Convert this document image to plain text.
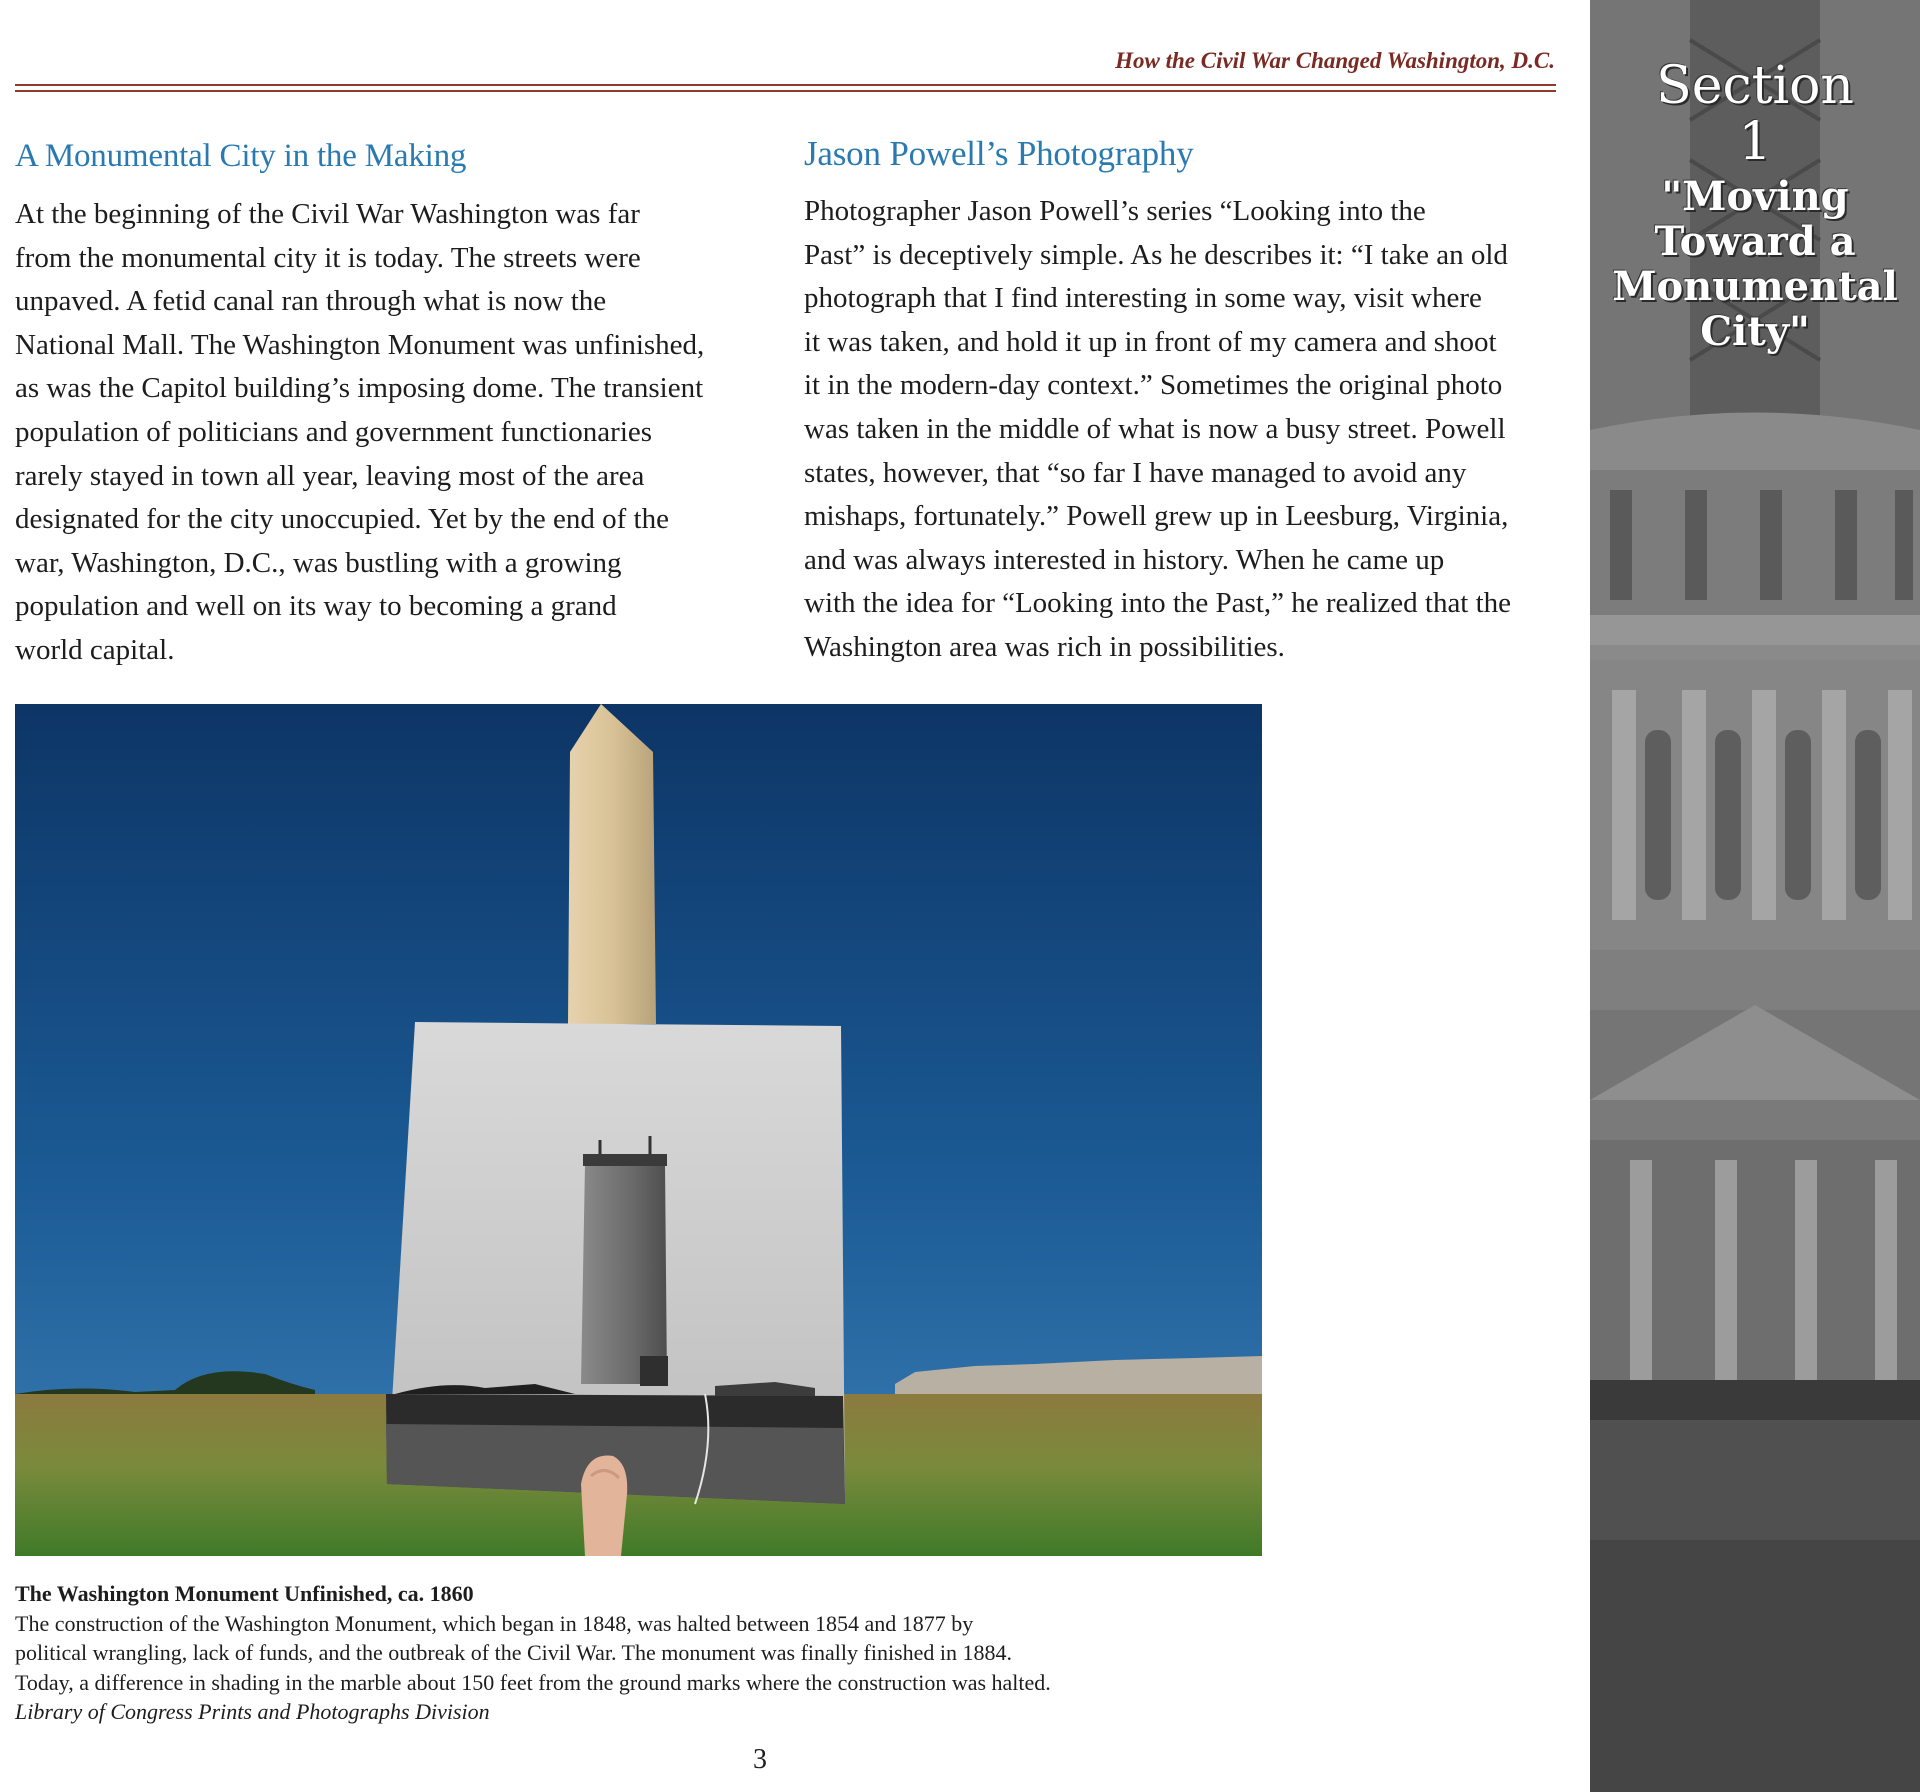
How the Civil War Changed Washington, D.C.
A Monumental City in the Making

At the beginning of the Civil War Washington was far
from the monumental city it is today. The streets were
unpaved. A fetid canal ran through what is now the
National Mall. The Washington Monument was unfinished,
as was the Capitol building’s imposing dome. The transient
population of politicians and government functionaries
rarely stayed in town all year, leaving most of the area
designated for the city unoccupied. Yet by the end of the
war, Washington, D.C., was bustling with a growing
population and well on its way to becoming a grand
world capital.

Jason Powell’s Photography

Photographer Jason Powell’s series “Looking into the
Past” is deceptively simple. As he describes it: “I take an old
photograph that I find interesting in some way, visit where
it was taken, and hold it up in front of my camera and shoot
it in the modern-day context.” Sometimes the original photo
was taken in the middle of what is now a busy street. Powell
states, however, that “so far I have managed to avoid any
mishaps, fortunately.” Powell grew up in Leesburg, Virginia,
and was always interested in history. When he came up
with the idea for “Looking into the Past,” he realized that the
Washington area was rich in possibilities.

The Washington Monument Unfinished, ca. 1860
The construction of the Washington Monument, which began in 1848, was halted between 1854 and 1877 by
political wrangling, lack of funds, and the outbreak of the Civil War. The monument was finally finished in 1884.
Today, a difference in shading in the marble about 150 feet from the ground marks where the construction was halted.
Library of Congress Prints and Photographs Division
3
Section
1
"Moving
Toward a
Monumental
City"
